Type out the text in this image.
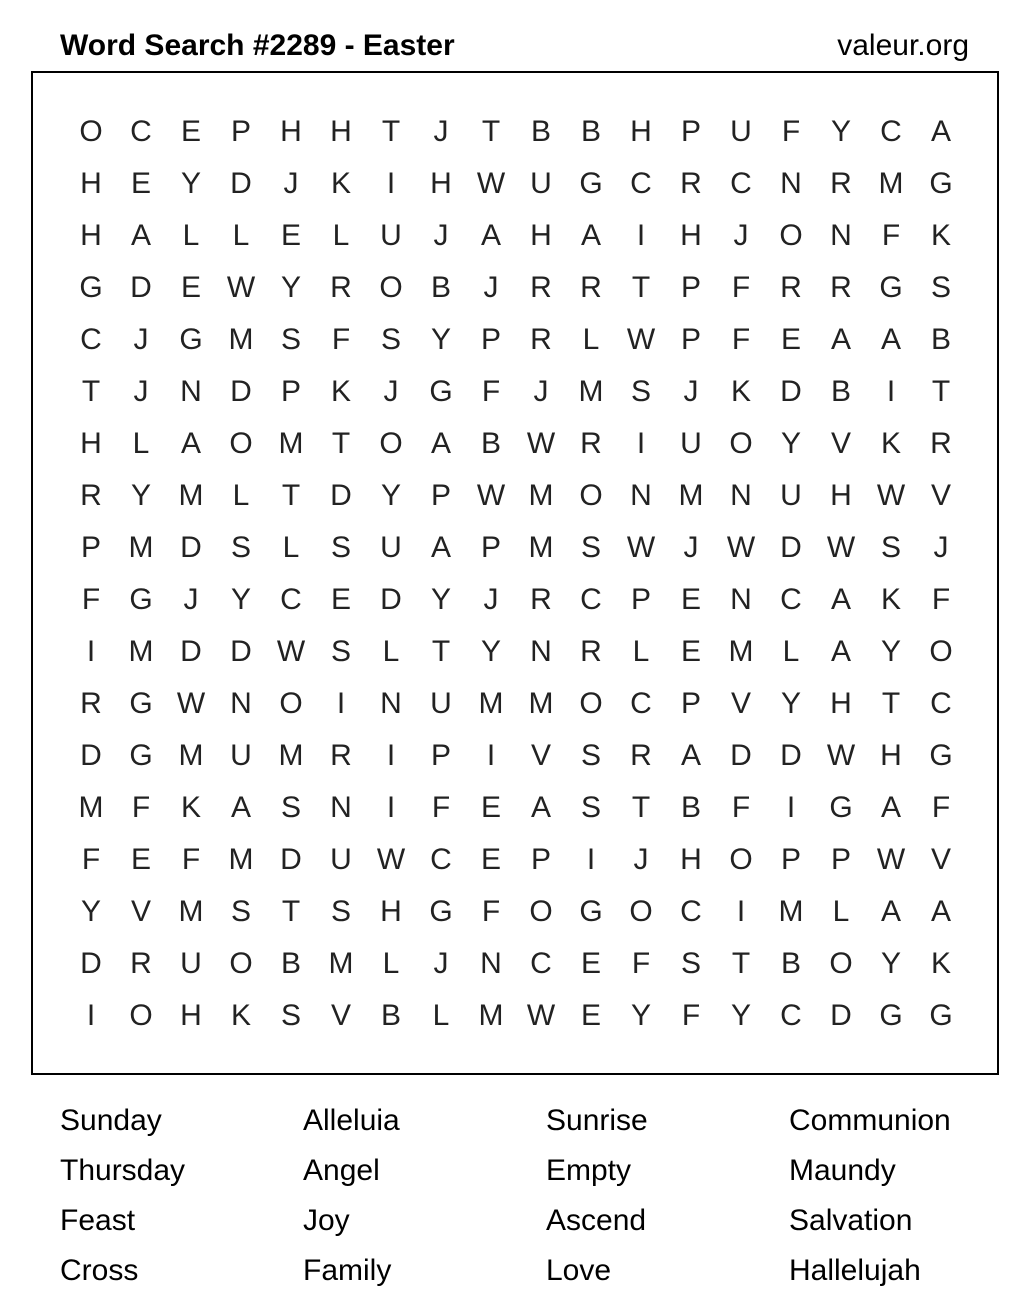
Word Search #2289 - Easter	valeur.org
O C E P H H	T	J	T	B B H P U	F	Y C A
H E Y D	J	K	I	H W U G C R C N R M G
H A	L	L	E	L	U	J	A H A	I	H	J	O N	F	K
G D E W Y R O B	J	R R	T	P	F	R R G S
C	J	G M S	F	S Y P R	L W P	F	E A A B
T	J	N D P K	J	G F	J	M S	J	K D B	I	T
H	L	A O M T O A B W R	I	U O Y V K R
R Y M L	T	D Y P W M O N M N U H W V
P M D S	L	S U A P M S W J W D W S	J
F G	J	Y C E D Y	J	R C P E N C A K	F
I	M D D W S	L	T	Y N R	L	E M L	A Y O
R G W N O	I	N U M M O C P V Y H	T	C
D G M U M R	I	P	I	V S R A D D W H G
M F	K A S N	I	F	E A S	T	B	F	I	G A	F
F	E	F M D U W C E P	I	J	H O P P W V
Y V M S	T	S H G F O G O C	I	M L	A A
D R U O B M L	J	N C E	F	S	T	B O Y K
I	O H K S V B	L M W E Y	F	Y C D G G
Sunday	Alleluia	Sunrise	Communion
Thursday	Angel	Empty	Maundy
Feast	Joy	Ascend	Salvation
Cross	Family	Love	Hallelujah
